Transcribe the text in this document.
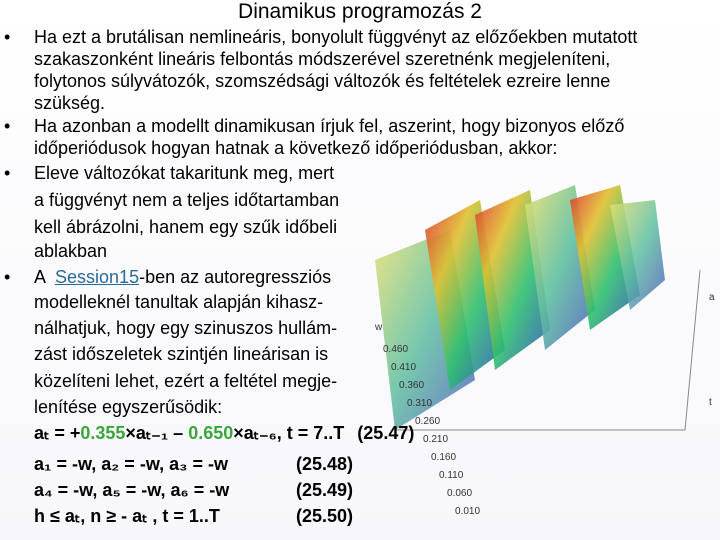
Dinamikus programozás 2
0.460
0.410
0.360
0.310
0.260
0.210
0.160
0.110
0.060
0.010
w
a
t
• Ha ezt a brutálisan nemlineáris, bonyolult függvényt az előzőekben mutatott
szakaszonként lineáris felbontás módszerével szeretnénk megjeleníteni,
folytonos súlyvátozók, szomszédsági változók és feltételek ezreire lenne
szükség.
• Ha azonban a modellt dinamikusan írjuk fel, aszerint, hogy bizonyos előző
időperiódusok hogyan hatnak a következő időperiódusban, akkor:
• Eleve változókat takaritunk meg, mert
a függvényt nem a teljes időtartamban
kell ábrázolni, hanem egy szűk időbeli
ablakban
• A  Session15-ben az autoregressziós
modelleknél tanultak alapján kihasz-
nálhatjuk, hogy egy szinuszos hullám-
zást időszeletek szintjén lineárisan is
közelíteni lehet, ezért a feltétel megje-
lenítése egyszerűsödik:
aₜ = +0.355×aₜ₋₁ – 0.650×aₜ₋₆, t = 7..T (25.47)
a₁ = -w, a₂ = -w, a₃ = -w	(25.48)
a₄ = -w, a₅ = -w, a₆ = -w	(25.49)
h ≤ aₜ, n ≥ - aₜ , t = 1..T	(25.50)
